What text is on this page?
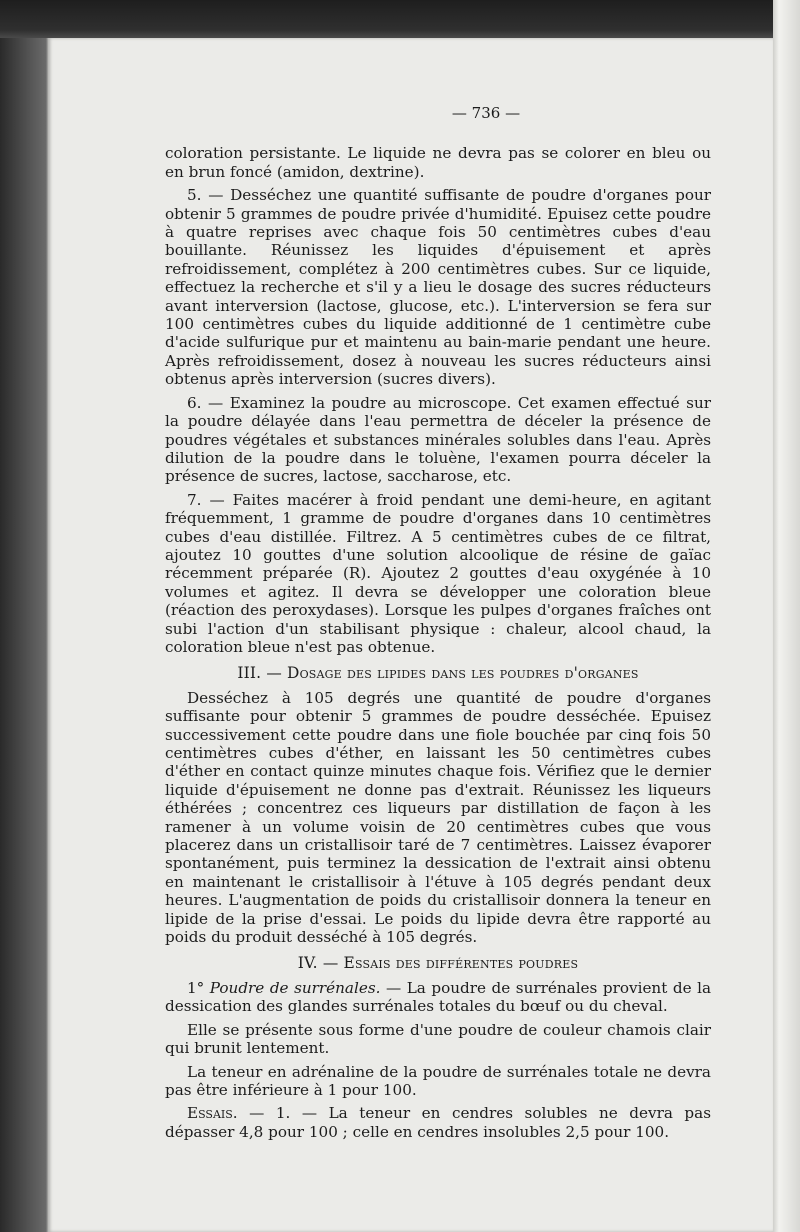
— 736 —

coloration persistante. Le liquide ne devra pas se colorer en bleu ou en brun foncé (amidon, dextrine).

5. — Desséchez une quantité suffisante de poudre d'organes pour obtenir 5 grammes de poudre privée d'humidité. Epuisez cette poudre à quatre reprises avec chaque fois 50 centimètres cubes d'eau bouillante. Réunissez les liquides d'épuisement et après refroidissement, complétez à 200 centimètres cubes. Sur ce liquide, effectuez la recherche et s'il y a lieu le dosage des sucres réducteurs avant interversion (lactose, glucose, etc.). L'interversion se fera sur 100 centimètres cubes du liquide additionné de 1 centimètre cube d'acide sulfurique pur et maintenu au bain-marie pendant une heure. Après refroidissement, dosez à nouveau les sucres réducteurs ainsi obtenus après interversion (sucres divers).

6. — Examinez la poudre au microscope. Cet examen effectué sur la poudre délayée dans l'eau permettra de déceler la présence de poudres végétales et substances minérales solubles dans l'eau. Après dilution de la poudre dans le toluène, l'examen pourra déceler la présence de sucres, lactose, saccharose, etc.

7. — Faites macérer à froid pendant une demi-heure, en agitant fréquemment, 1 gramme de poudre d'organes dans 10 centimètres cubes d'eau distillée. Filtrez. A 5 centimètres cubes de ce filtrat, ajoutez 10 gouttes d'une solution alcoolique de résine de gaïac récemment préparée (R). Ajoutez 2 gouttes d'eau oxygénée à 10 volumes et agitez. Il devra se développer une coloration bleue (réaction des peroxydases). Lorsque les pulpes d'organes fraîches ont subi l'action d'un stabilisant physique : chaleur, alcool chaud, la coloration bleue n'est pas obtenue.

III. — Dosage des lipides dans les poudres d'organes

Desséchez à 105 degrés une quantité de poudre d'organes suffisante pour obtenir 5 grammes de poudre desséchée. Epuisez successivement cette poudre dans une fiole bouchée par cinq fois 50 centimètres cubes d'éther, en laissant les 50 centimètres cubes d'éther en contact quinze minutes chaque fois. Vérifiez que le dernier liquide d'épuisement ne donne pas d'extrait. Réunissez les liqueurs éthérées ; concentrez ces liqueurs par distillation de façon à les ramener à un volume voisin de 20 centimètres cubes que vous placerez dans un cristallisoir taré de 7 centimètres. Laissez évaporer spontanément, puis terminez la dessication de l'extrait ainsi obtenu en maintenant le cristallisoir à l'étuve à 105 degrés pendant deux heures. L'augmentation de poids du cristallisoir donnera la teneur en lipide de la prise d'essai. Le poids du lipide devra être rapporté au poids du produit desséché à 105 degrés.

IV. — Essais des différentes poudres

1° Poudre de surrénales. — La poudre de surrénales provient de la dessication des glandes surrénales totales du bœuf ou du cheval.

Elle se présente sous forme d'une poudre de couleur chamois clair qui brunit lentement.

La teneur en adrénaline de la poudre de surrénales totale ne devra pas être inférieure à 1 pour 100.

Essais. — 1. — La teneur en cendres solubles ne devra pas dépasser 4,8 pour 100 ; celle en cendres insolubles 2,5 pour 100.
